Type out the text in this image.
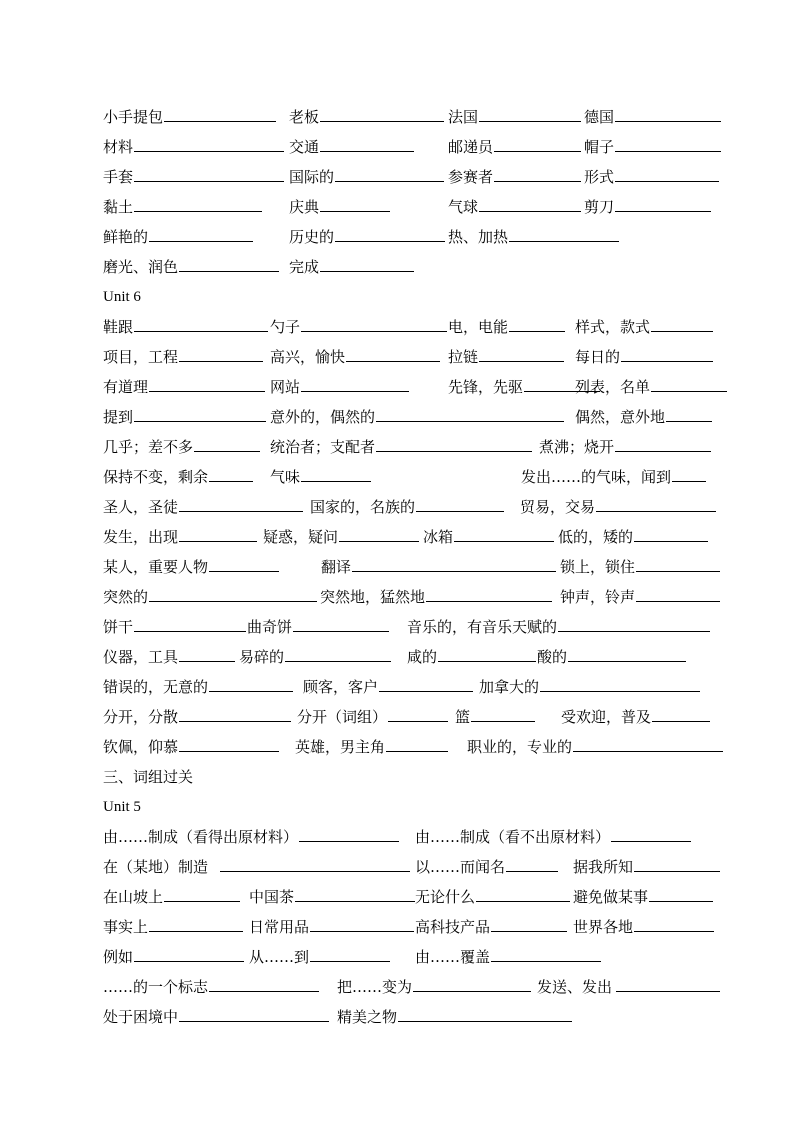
小手提包	老板	法国	德国
材料	交通	邮递员	帽子
手套	国际的	参赛者	形式
黏土	庆典	气球	剪刀
鲜艳的	历史的	热、加热
磨光、润色	完成
Unit 6
鞋跟	勺子	电，电能	样式，款式
项目，工程	高兴，愉快	拉链	每日的
有道理	网站	先锋，先驱	列表，名单
提到	意外的，偶然的	偶然，意外地
几乎；差不多	统治者；支配者	煮沸；烧开
保持不变，剩余	气味	发出……的气味，闻到
圣人，圣徒	国家的，名族的	贸易，交易
发生，出现	疑惑，疑问	冰箱	低的，矮的
某人，重要人物	翻译	锁上，锁住
突然的	突然地，猛然地	钟声，铃声
饼干	曲奇饼	音乐的，有音乐天赋的
仪器，工具	易碎的	咸的	酸的
错误的，无意的	顾客，客户	加拿大的
分开，分散	分开（词组）	篮	受欢迎，普及
钦佩，仰慕	英雄，男主角	职业的，专业的
三、词组过关
Unit 5
由……制成（看得出原材料）	由……制成（看不出原材料）
在（某地）制造	以……而闻名	据我所知
在山坡上	中国茶	无论什么	避免做某事
事实上	日常用品	高科技产品	世界各地
例如	从……到	由……覆盖
……的一个标志	把……变为	发送、发出
处于困境中	精美之物
